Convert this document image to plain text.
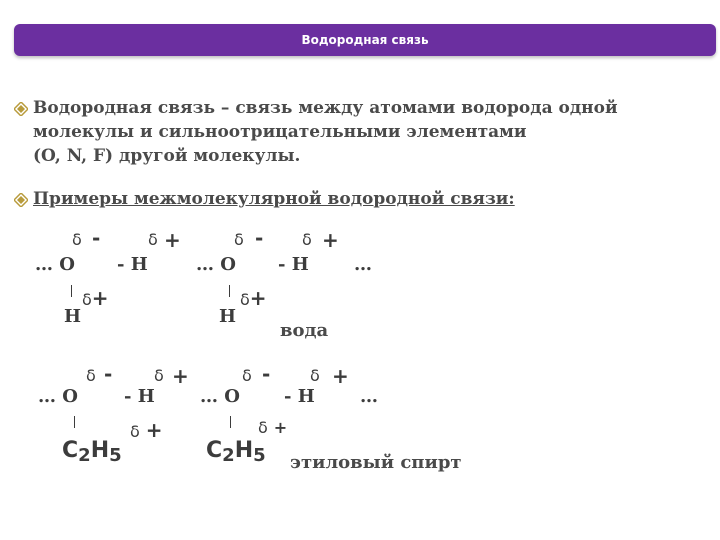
Водородная связь
Водородная связь – связь между атомами водорода одной
молекулы и сильноотрицательными элементами
(O, N, F) другой молекулы.
Примеры межмолекулярной водородной связи:
δ -	δ +	δ - δ +
… O - H	… O - H	…
δ+	δ+
H	H
вода
δ -	δ +	δ - δ +
… O	- H	… O - H	…
δ +	δ +
$C_2H_5$	$C_2H_5$ этиловый спирт
